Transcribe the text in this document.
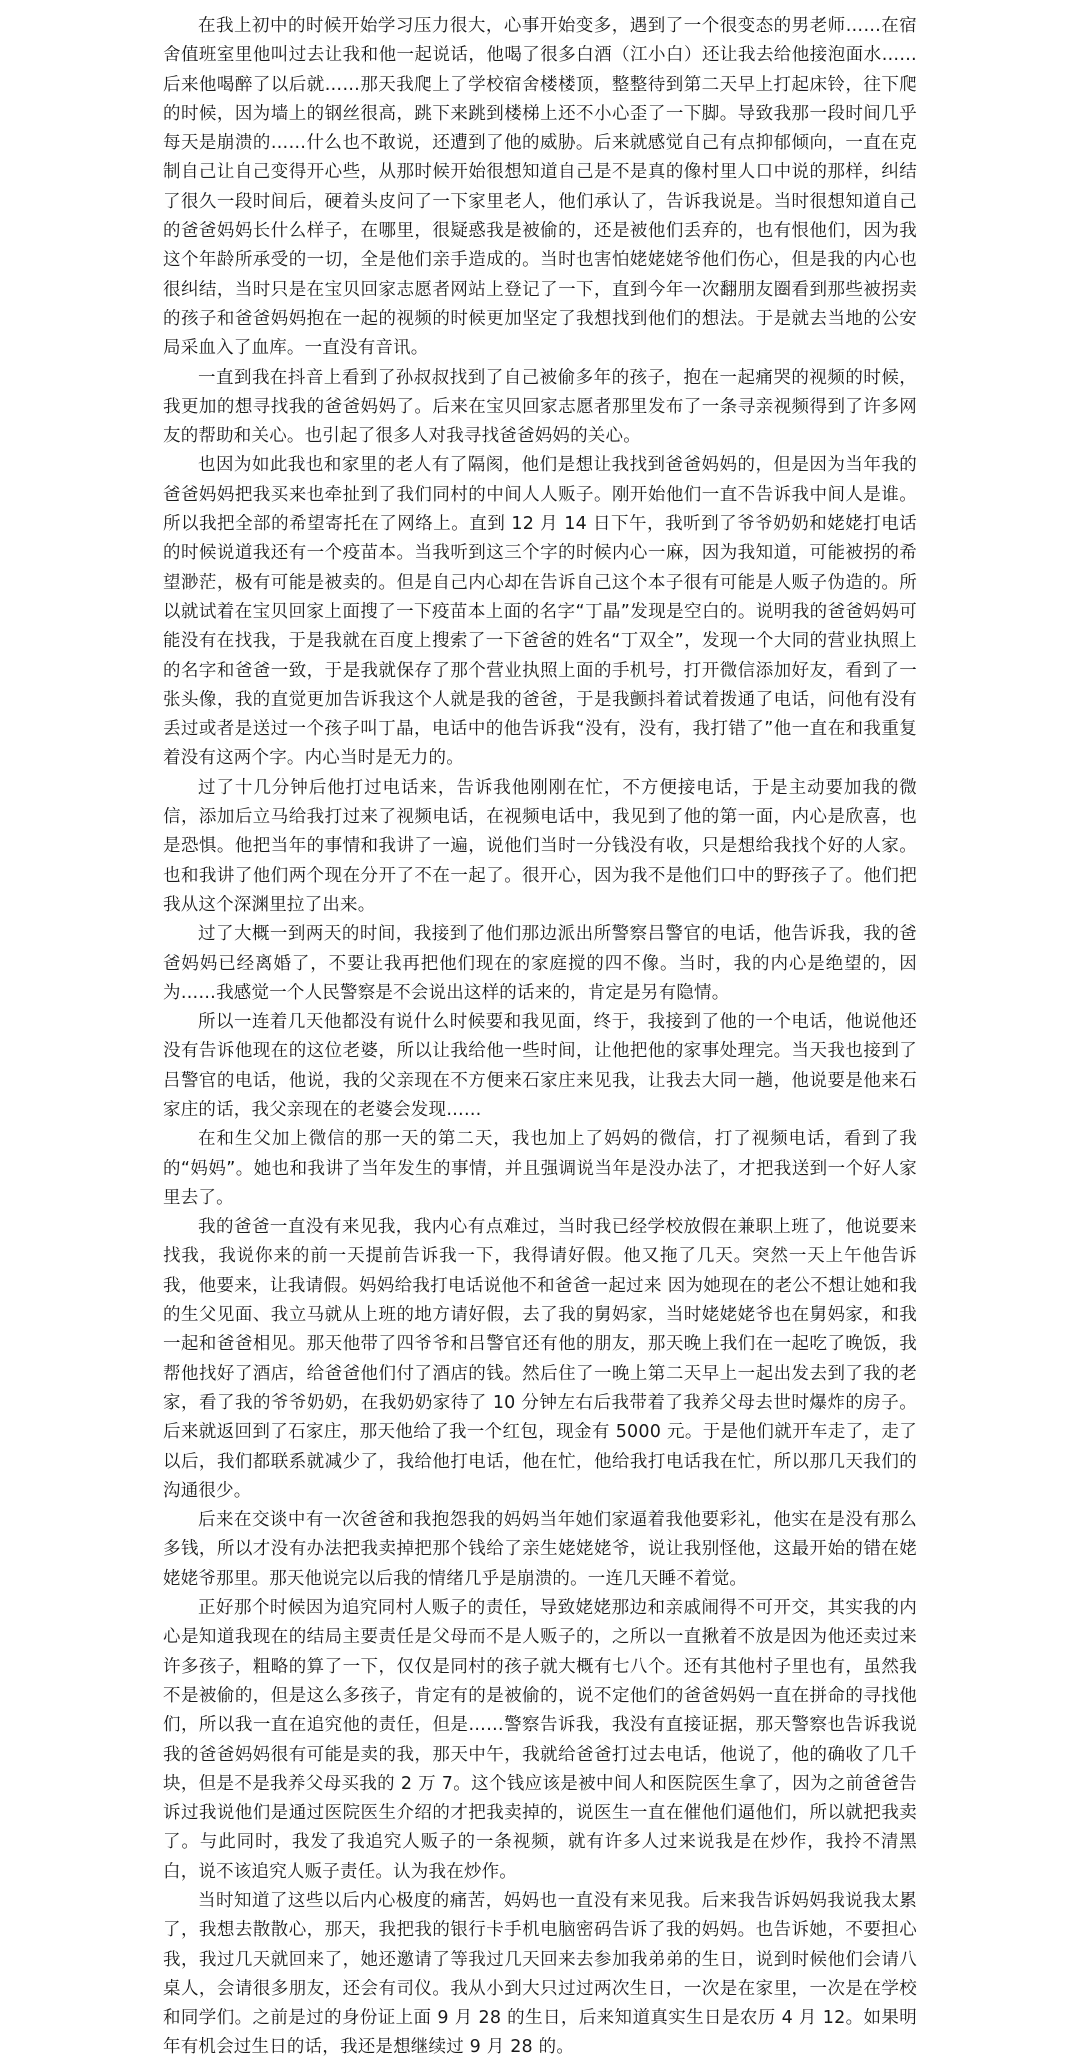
在我上初中的时候开始学习压力很大，心事开始变多，遇到了一个很变态的男老师……在宿舍值班室里他叫过去让我和他一起说话，他喝了很多白酒（江小白）还让我去给他接泡面水……后来他喝醉了以后就……那天我爬上了学校宿舍楼楼顶，整整待到第二天早上打起床铃，往下爬的时候，因为墙上的钢丝很高，跳下来跳到楼梯上还不小心歪了一下脚。导致我那一段时间几乎每天是崩溃的……什么也不敢说，还遭到了他的威胁。后来就感觉自己有点抑郁倾向，一直在克制自己让自己变得开心些，从那时候开始很想知道自己是不是真的像村里人口中说的那样，纠结了很久一段时间后，硬着头皮问了一下家里老人，他们承认了，告诉我说是。当时很想知道自己的爸爸妈妈长什么样子，在哪里，很疑惑我是被偷的，还是被他们丢弃的，也有恨他们，因为我这个年龄所承受的一切，全是他们亲手造成的。当时也害怕姥姥姥爷他们伤心，但是我的内心也很纠结，当时只是在宝贝回家志愿者网站上登记了一下，直到今年一次翻朋友圈看到那些被拐卖的孩子和爸爸妈妈抱在一起的视频的时候更加坚定了我想找到他们的想法。于是就去当地的公安局采血入了血库。一直没有音讯。

一直到我在抖音上看到了孙叔叔找到了自己被偷多年的孩子，抱在一起痛哭的视频的时候，我更加的想寻找我的爸爸妈妈了。后来在宝贝回家志愿者那里发布了一条寻亲视频得到了许多网友的帮助和关心。也引起了很多人对我寻找爸爸妈妈的关心。

也因为如此我也和家里的老人有了隔阂，他们是想让我找到爸爸妈妈的，但是因为当年我的爸爸妈妈把我买来也牵扯到了我们同村的中间人人贩子。刚开始他们一直不告诉我中间人是谁。所以我把全部的希望寄托在了网络上。直到 12 月 14 日下午，我听到了爷爷奶奶和姥姥打电话的时候说道我还有一个疫苗本。当我听到这三个字的时候内心一麻，因为我知道，可能被拐的希望渺茫，极有可能是被卖的。但是自己内心却在告诉自己这个本子很有可能是人贩子伪造的。所以就试着在宝贝回家上面搜了一下疫苗本上面的名字“丁晶”发现是空白的。说明我的爸爸妈妈可能没有在找我，于是我就在百度上搜索了一下爸爸的姓名“丁双全”，发现一个大同的营业执照上的名字和爸爸一致，于是我就保存了那个营业执照上面的手机号，打开微信添加好友，看到了一张头像，我的直觉更加告诉我这个人就是我的爸爸，于是我颤抖着试着拨通了电话，问他有没有丢过或者是送过一个孩子叫丁晶，电话中的他告诉我“没有，没有，我打错了”他一直在和我重复着没有这两个字。内心当时是无力的。

过了十几分钟后他打过电话来，告诉我他刚刚在忙，不方便接电话，于是主动要加我的微信，添加后立马给我打过来了视频电话，在视频电话中，我见到了他的第一面，内心是欣喜，也是恐惧。他把当年的事情和我讲了一遍，说他们当时一分钱没有收，只是想给我找个好的人家。也和我讲了他们两个现在分开了不在一起了。很开心，因为我不是他们口中的野孩子了。他们把我从这个深渊里拉了出来。

过了大概一到两天的时间，我接到了他们那边派出所警察吕警官的电话，他告诉我，我的爸爸妈妈已经离婚了，不要让我再把他们现在的家庭搅的四不像。当时，我的内心是绝望的，因为……我感觉一个人民警察是不会说出这样的话来的，肯定是另有隐情。

所以一连着几天他都没有说什么时候要和我见面，终于，我接到了他的一个电话，他说他还没有告诉他现在的这位老婆，所以让我给他一些时间，让他把他的家事处理完。当天我也接到了吕警官的电话，他说，我的父亲现在不方便来石家庄来见我，让我去大同一趟，他说要是他来石家庄的话，我父亲现在的老婆会发现……

在和生父加上微信的那一天的第二天，我也加上了妈妈的微信，打了视频电话，看到了我的“妈妈”。她也和我讲了当年发生的事情，并且强调说当年是没办法了，才把我送到一个好人家里去了。

我的爸爸一直没有来见我，我内心有点难过，当时我已经学校放假在兼职上班了，他说要来找我，我说你来的前一天提前告诉我一下，我得请好假。他又拖了几天。突然一天上午他告诉我，他要来，让我请假。妈妈给我打电话说他不和爸爸一起过来 因为她现在的老公不想让她和我的生父见面、我立马就从上班的地方请好假，去了我的舅妈家，当时姥姥姥爷也在舅妈家，和我一起和爸爸相见。那天他带了四爷爷和吕警官还有他的朋友，那天晚上我们在一起吃了晚饭，我帮他找好了酒店，给爸爸他们付了酒店的钱。然后住了一晚上第二天早上一起出发去到了我的老家，看了我的爷爷奶奶，在我奶奶家待了 10 分钟左右后我带着了我养父母去世时爆炸的房子。后来就返回到了石家庄，那天他给了我一个红包，现金有 5000 元。于是他们就开车走了，走了以后，我们都联系就减少了，我给他打电话，他在忙，他给我打电话我在忙，所以那几天我们的沟通很少。

后来在交谈中有一次爸爸和我抱怨我的妈妈当年她们家逼着我他要彩礼，他实在是没有那么多钱，所以才没有办法把我卖掉把那个钱给了亲生姥姥姥爷，说让我别怪他，这最开始的错在姥姥姥爷那里。那天他说完以后我的情绪几乎是崩溃的。一连几天睡不着觉。

正好那个时候因为追究同村人贩子的责任，导致姥姥那边和亲戚闹得不可开交，其实我的内心是知道我现在的结局主要责任是父母而不是人贩子的，之所以一直揪着不放是因为他还卖过来许多孩子，粗略的算了一下，仅仅是同村的孩子就大概有七八个。还有其他村子里也有，虽然我不是被偷的，但是这么多孩子，肯定有的是被偷的，说不定他们的爸爸妈妈一直在拼命的寻找他们，所以我一直在追究他的责任，但是……警察告诉我，我没有直接证据，那天警察也告诉我说我的爸爸妈妈很有可能是卖的我，那天中午，我就给爸爸打过去电话，他说了，他的确收了几千块，但是不是我养父母买我的 2 万 7。这个钱应该是被中间人和医院医生拿了，因为之前爸爸告诉过我说他们是通过医院医生介绍的才把我卖掉的，说医生一直在催他们逼他们，所以就把我卖了。与此同时，我发了我追究人贩子的一条视频，就有许多人过来说我是在炒作，我拎不清黑白，说不该追究人贩子责任。认为我在炒作。

当时知道了这些以后内心极度的痛苦，妈妈也一直没有来见我。后来我告诉妈妈我说我太累了，我想去散散心，那天，我把我的银行卡手机电脑密码告诉了我的妈妈。也告诉她，不要担心我，我过几天就回来了，她还邀请了等我过几天回来去参加我弟弟的生日，说到时候他们会请八桌人，会请很多朋友，还会有司仪。我从小到大只过过两次生日，一次是在家里，一次是在学校和同学们。之前是过的身份证上面 9 月 28 的生日，后来知道真实生日是农历 4 月 12。如果明年有机会过生日的话，我还是想继续过 9 月 28 的。
